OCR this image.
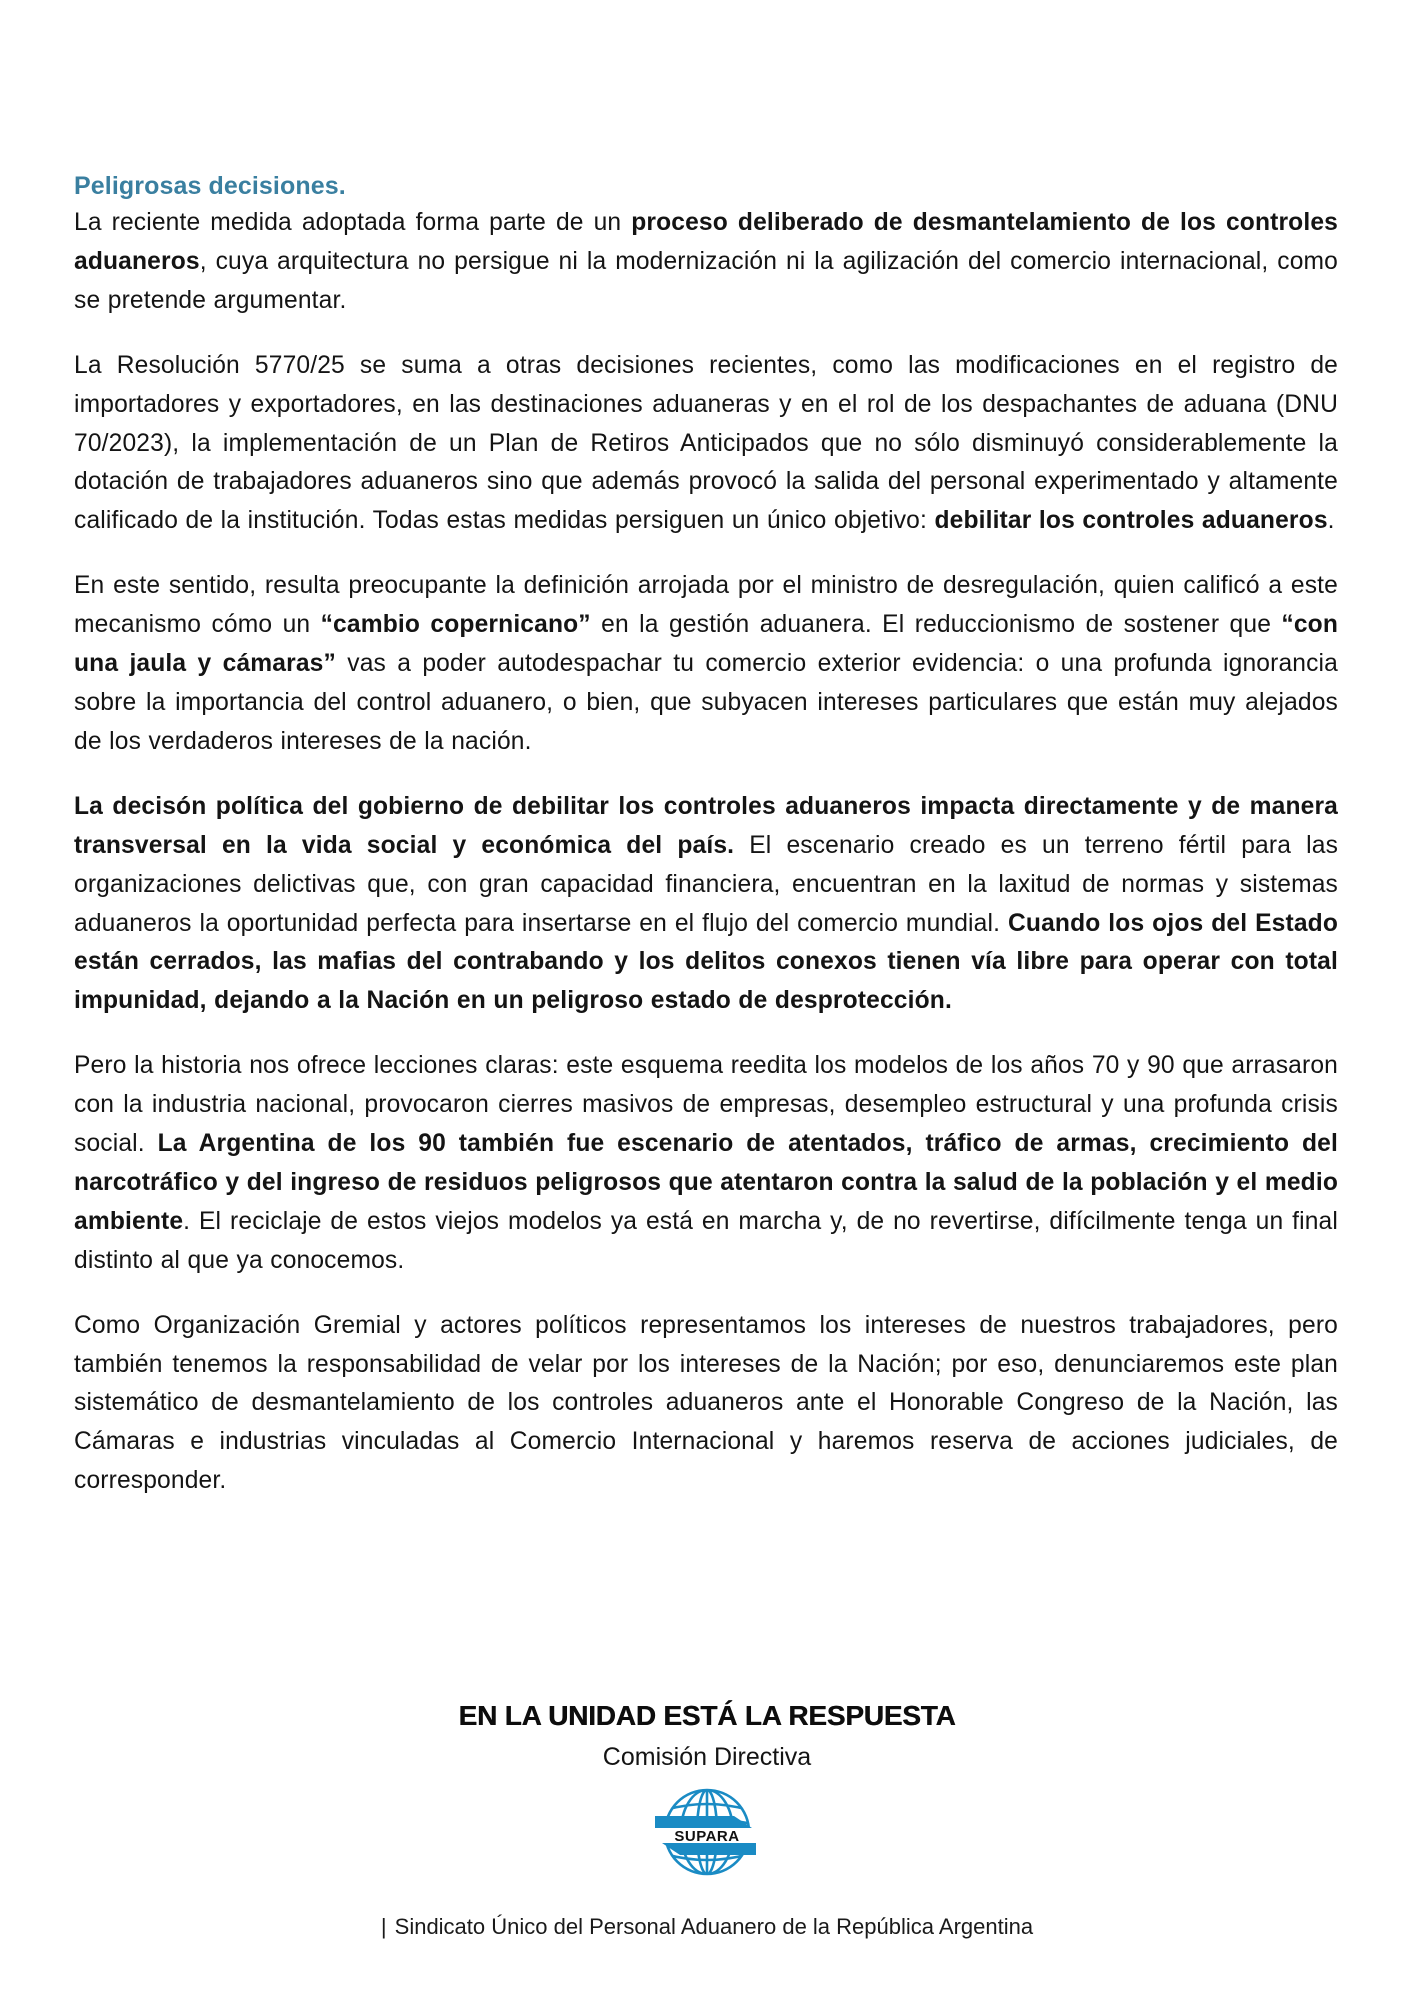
Peligrosas decisiones.

La reciente medida adoptada forma parte de un proceso deliberado de desmantelamiento de los controles aduaneros, cuya arquitectura no persigue ni la modernización ni la agilización del comercio internacional, como se pretende argumentar.

La Resolución 5770/25 se suma a otras decisiones recientes, como las modificaciones en el registro de importadores y exportadores, en las destinaciones aduaneras y en el rol de los despachantes de aduana (DNU 70/2023), la implementación de un Plan de Retiros Anticipados que no sólo disminuyó considerablemente la dotación de trabajadores aduaneros sino que además provocó la salida del personal experimentado y altamente calificado de la institución. Todas estas medidas persiguen un único objetivo: debilitar los controles aduaneros.

En este sentido, resulta preocupante la definición arrojada por el ministro de desregulación, quien calificó a este mecanismo cómo un “cambio copernicano” en la gestión aduanera. El reduccionismo de sostener que “con una jaula y cámaras” vas a poder autodespachar tu comercio exterior evidencia: o una profunda ignorancia sobre la importancia del control aduanero, o bien, que subyacen intereses particulares que están muy alejados de los verdaderos intereses de la nación.

La decisón política del gobierno de debilitar los controles aduaneros impacta directamente y de manera transversal en la vida social y económica del país. El escenario creado es un terreno fértil para las organizaciones delictivas que, con gran capacidad financiera, encuentran en la laxitud de normas y sistemas aduaneros la oportunidad perfecta para insertarse en el flujo del comercio mundial. Cuando los ojos del Estado están cerrados, las mafias del contrabando y los delitos conexos tienen vía libre para operar con total impunidad, dejando a la Nación en un peligroso estado de desprotección.

Pero la historia nos ofrece lecciones claras: este esquema reedita los modelos de los años 70 y 90 que arrasaron con la industria nacional, provocaron cierres masivos de empresas, desempleo estructural y una profunda crisis social. La Argentina de los 90 también fue escenario de atentados, tráfico de armas, crecimiento del narcotráfico y del ingreso de residuos peligrosos que atentaron contra la salud de la población y el medio ambiente. El reciclaje de estos viejos modelos ya está en marcha y, de no revertirse, difícilmente tenga un final distinto al que ya conocemos.

Como Organización Gremial y actores políticos representamos los intereses de nuestros trabajadores, pero también tenemos la responsabilidad de velar por los intereses de la Nación; por eso, denunciaremos este plan sistemático de desmantelamiento de los controles aduaneros ante el Honorable Congreso de la Nación, las Cámaras e industrias vinculadas al Comercio Internacional y haremos reserva de acciones judiciales, de corresponder.

EN LA UNIDAD ESTÁ LA RESPUESTA
Comisión Directiva
SUPARA
| Sindicato Único del Personal Aduanero de la República Argentina
